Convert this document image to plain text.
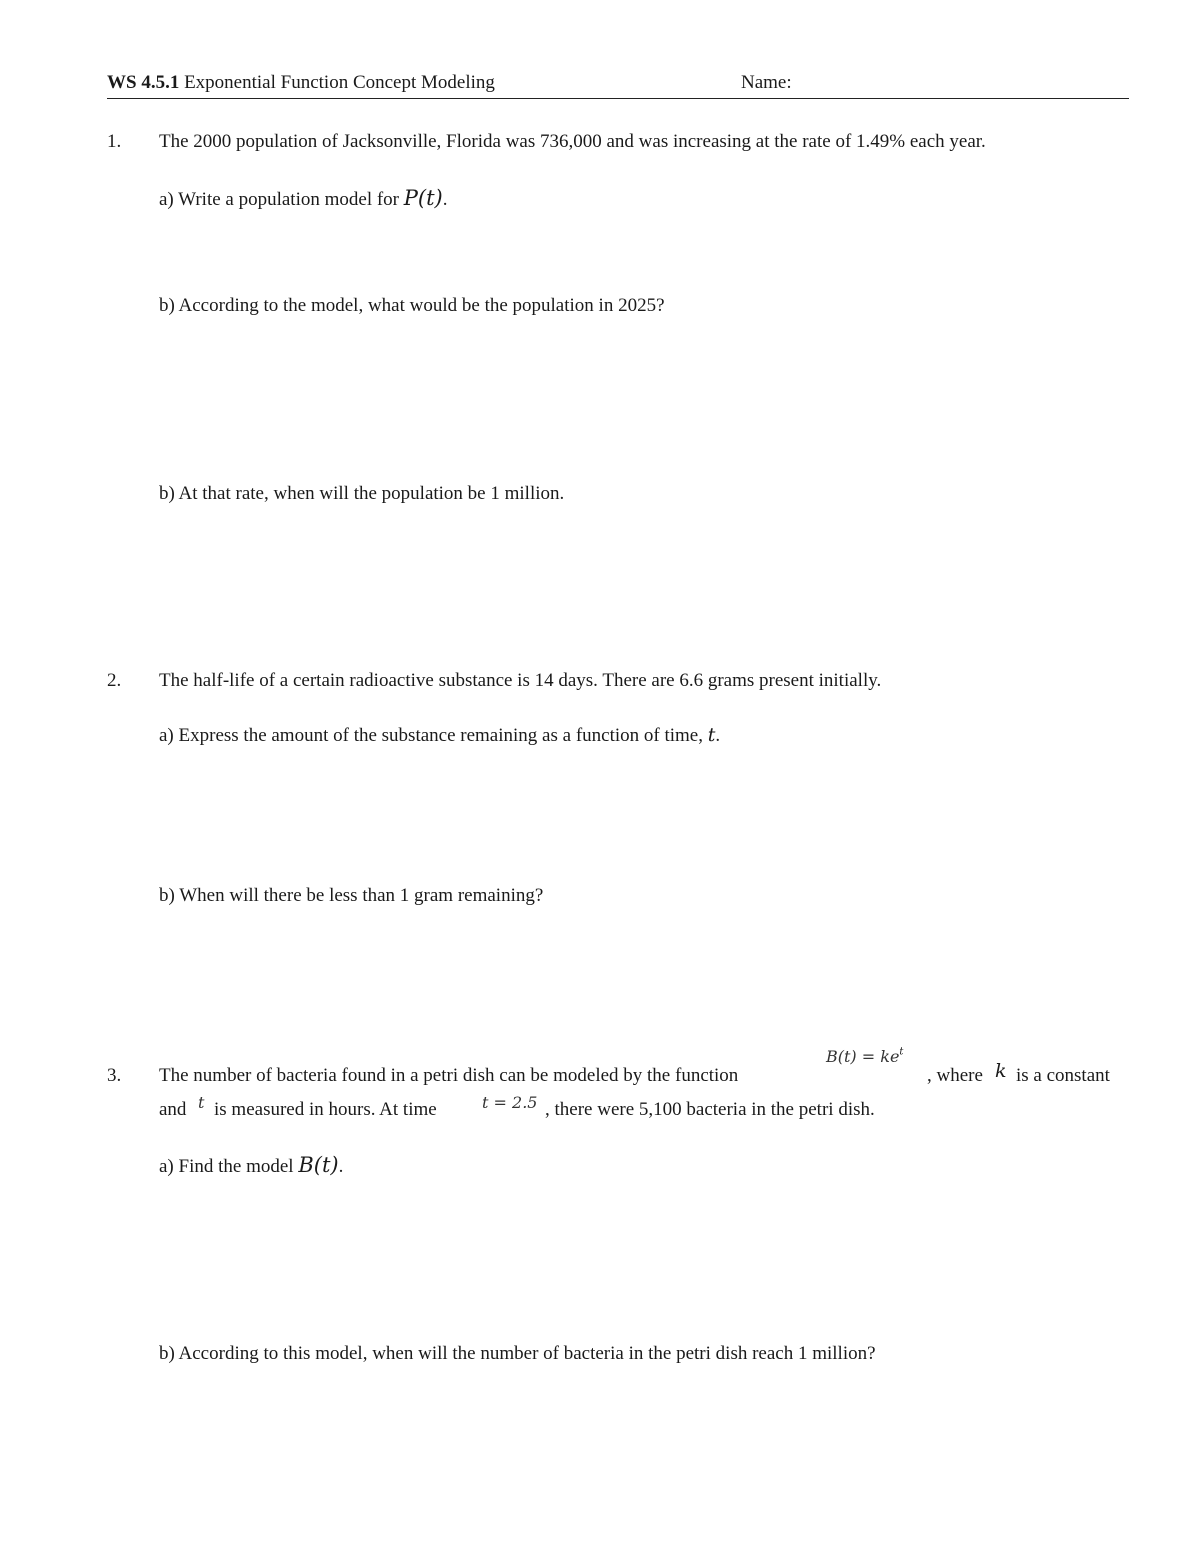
WS 4.5.1 Exponential Function Concept Modeling	Name:
1. The 2000 population of Jacksonville, Florida was 736,000 and was increasing at the rate of 1.49% each year.
a) Write a population model for P(t).
b) According to the model, what would be the population in 2025?
b) At that rate, when will the population be 1 million.
2. The half-life of a certain radioactive substance is 14 days. There are 6.6 grams present initially.
a) Express the amount of the substance remaining as a function of time, t.
b) When will there be less than 1 gram remaining?
3. The number of bacteria found in a petri dish can be modeled by the function
$B(t) = ke^t$
, where k is a constant
and t is measured in hours. At time	t = 2.5 , there were 5,100 bacteria in the petri dish.
a) Find the model B(t).
b) According to this model, when will the number of bacteria in the petri dish reach 1 million?
